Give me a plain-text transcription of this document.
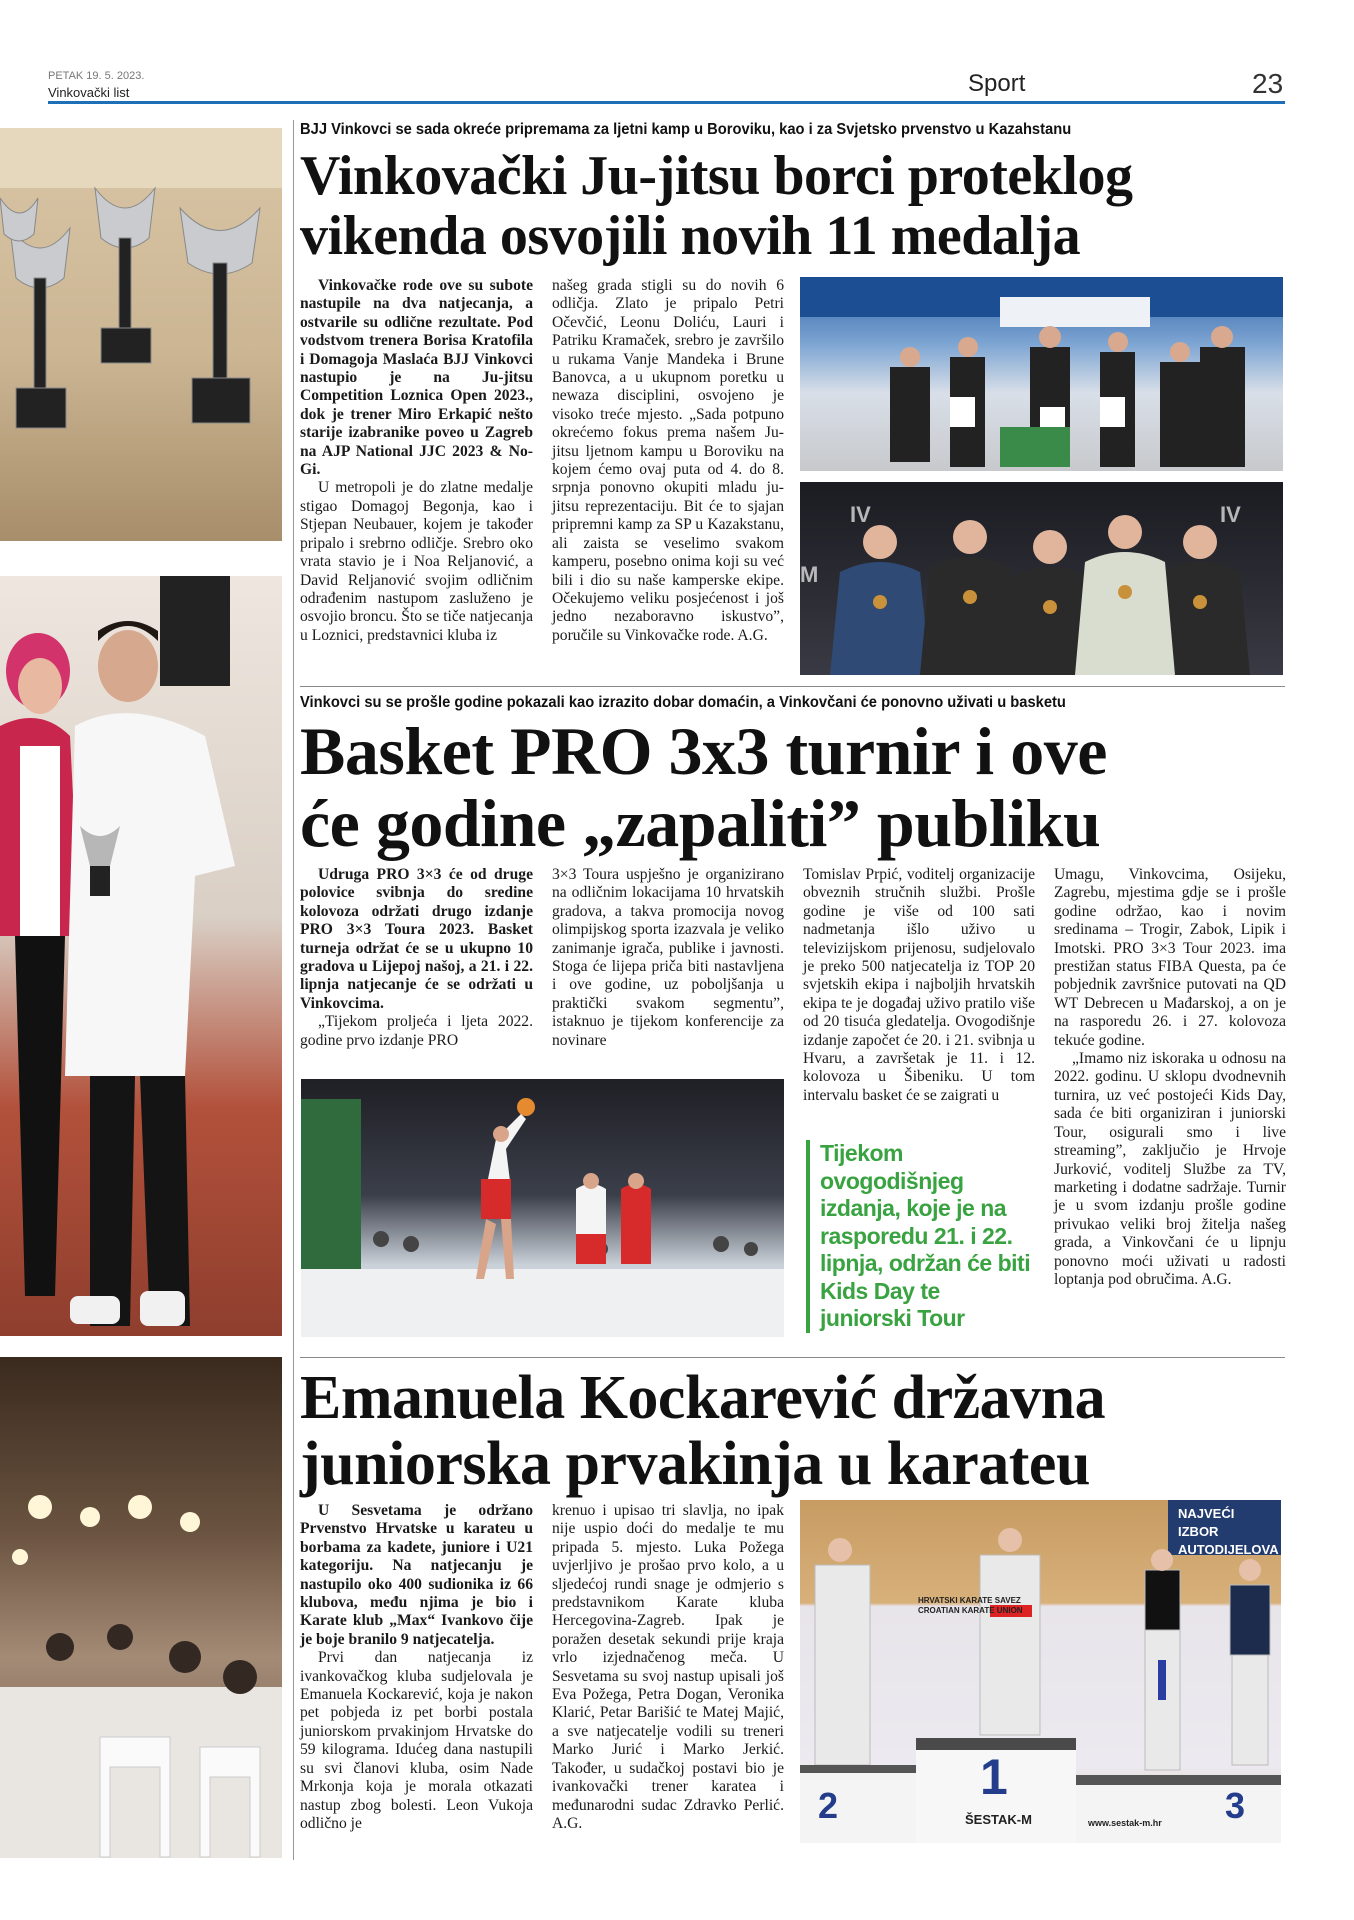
PETAK 19. 5. 2023.
Vinkovački list	Sport	23
BJJ Vinkovci se sada okreće pripremama za ljetni kamp u Boroviku, kao i za Svjetsko prvenstvo u Kazahstanu
Vinkovački Ju-jitsu borci proteklog
vikenda osvojili novih 11 medalja

Vinkovačke rode ove su subote nastupile na dva natjecanja, a ostvarile su odlične rezultate. Pod vodstvom trenera Borisa Kratofila i Domagoja Maslaća BJJ Vinkovci nastupio je na Ju-jitsu Competition Loznica Open 2023., dok je trener Miro Erkapić nešto starije izabranike poveo u Zagreb na AJP National JJC 2023 & No-Gi.

U metropoli je do zlatne medalje stigao Domagoj Begonja, kao i Stjepan Neubauer, kojem je također pripalo i srebrno odličje. Srebro oko vrata stavio je i Noa Reljanović, a David Reljanović svojim odličnim odrađenim nastupom zasluženo je osvojio broncu. Što se tiče natjecanja u Loznici, predstavnici kluba iz

našeg grada stigli su do novih 6 odličja. Zlato je pripalo Petri Očevčić, Leonu Doliću, Lauri i Patriku Kramaček, srebro je završilo u rukama Vanje Mandeka i Brune Banovca, a u ukupnom poretku u newaza disciplini, osvojeno je visoko treće mjesto. „Sada potpuno okrećemo fokus prema našem Ju-jitsu ljetnom kampu u Boroviku na kojem ćemo ovaj puta od 4. do 8. srpnja ponovno okupiti mladu ju-jitsu reprezentaciju. Bit će to sjajan pripremni kamp za SP u Kazakstanu, ali zaista se veselimo svakom kamperu, posebno onima koji su već bili i dio su naše kamperske ekipe. Očekujemo veliku posjećenost i još jedno nezaboravno iskustvo”, poručile su Vinkovačke rode. A.G.

IV	IV
M
Vinkovci su se prošle godine pokazali kao izrazito dobar domaćin, a Vinkovčani će ponovno uživati u basketu
Basket PRO 3x3 turnir i ove
će godine „zapaliti” publiku

Udruga PRO 3×3 će od druge polovice svibnja do sredine kolovoza održati drugo izdanje PRO 3×3 Toura 2023. Basket turneja održat će se u ukupno 10 gradova u Lijepoj našoj, a 21. i 22. lipnja natjecanje će se održati u Vinkovcima.

„Tijekom proljeća i ljeta 2022. godine prvo izdanje PRO

3×3 Toura uspješno je organizirano na odličnim lokacijama 10 hrvatskih gradova, a takva promocija novog olimpijskog sporta izazvala je veliko zanimanje igrača, publike i javnosti. Stoga će lijepa priča biti nastavljena i ove godine, uz poboljšanja u praktički svakom segmentu”, istaknuo je tijekom konferencije za novinare

Tomislav Prpić, voditelj organizacije obveznih stručnih službi. Prošle godine je više od 100 sati nadmetanja išlo uživo u televizijskom prijenosu, sudjelovalo je preko 500 natjecatelja iz TOP 20 svjetskih ekipa i najboljih hrvatskih ekipa te je događaj uživo pratilo više od 20 tisuća gledatelja. Ovogodišnje izdanje započet će 20. i 21. svibnja u Hvaru, a završetak je 11. i 12. kolovoza u Šibeniku. U tom intervalu basket će se zaigrati u

Umagu, Vinkovcima, Osijeku, Zagrebu, mjestima gdje se i prošle godine održao, kao i novim sredinama – Trogir, Zabok, Lipik i Imotski. PRO 3×3 Tour 2023. ima prestižan status FIBA Questa, pa će pobjednik završnice putovati na QD WT Debrecen u Mađarskoj, a on je na rasporedu 26. i 27. kolovoza tekuće godine.

„Imamo niz iskoraka u odnosu na 2022. godinu. U sklopu dvodnevnih turnira, uz već postojeći Kids Day, sada će biti organiziran i juniorski Tour, osigurali smo i live streaming”, zaključio je Hrvoje Jurković, voditelj Službe za TV, marketing i dodatne sadržaje. Turnir je u svom izdanju prošle godine privukao veliki broj žitelja našeg grada, a Vinkovčani će u lipnju ponovno moći uživati u radosti loptanja pod obručima. A.G.

Tijekom ovogodišnjeg izdanja, koje je na rasporedu 21. i 22. lipnja, održan će biti Kids Day te juniorski Tour
Emanuela Kockarević državna
juniorska prvakinja u karateu

U Sesvetama je održano Prvenstvo Hrvatske u karateu u borbama za kadete, juniore i U21 kategoriju. Na natjecanju je nastupilo oko 400 sudionika iz 66 klubova, među njima je bio i Karate klub „Max“ Ivankovo čije je boje branilo 9 natjecatelja.

Prvi dan natjecanja iz ivankovačkog kluba sudjelovala je Emanuela Kockarević, koja je nakon pet pobjeda iz pet borbi postala juniorskom prvakinjom Hrvatske do 59 kilograma. Idućeg dana nastupili su svi članovi kluba, osim Nade Mrkonja koja je morala otkazati nastup zbog bolesti. Leon Vukoja odlično je

krenuo i upisao tri slavlja, no ipak nije uspio doći do medalje te mu pripada 5. mjesto. Luka Požega uvjerljivo je prošao prvo kolo, a u sljedećoj rundi snage je odmjerio s predstavnikom Karate kluba Hercegovina-Zagreb. Ipak je poražen desetak sekundi prije kraja vrlo izjednačenog meča. U Sesvetama su svoj nastup upisali još Eva Požega, Petra Dogan, Veronika Klarić, Petar Barišić te Matej Majić, a sve natjecatelje vodili su treneri Marko Jurić i Marko Jerkić. Također, u sudačkoj postavi bio je ivankovački trener karatea i međunarodni sudac Zdravko Perlić. A.G.

NAJVEĆI IZBOR AUTODIJELOVA
HRVATSKI KARATE SAVEZ CROATIAN KARATE UNION
1
2	3
ŠESTAK-M	www.sestak-m.hr
